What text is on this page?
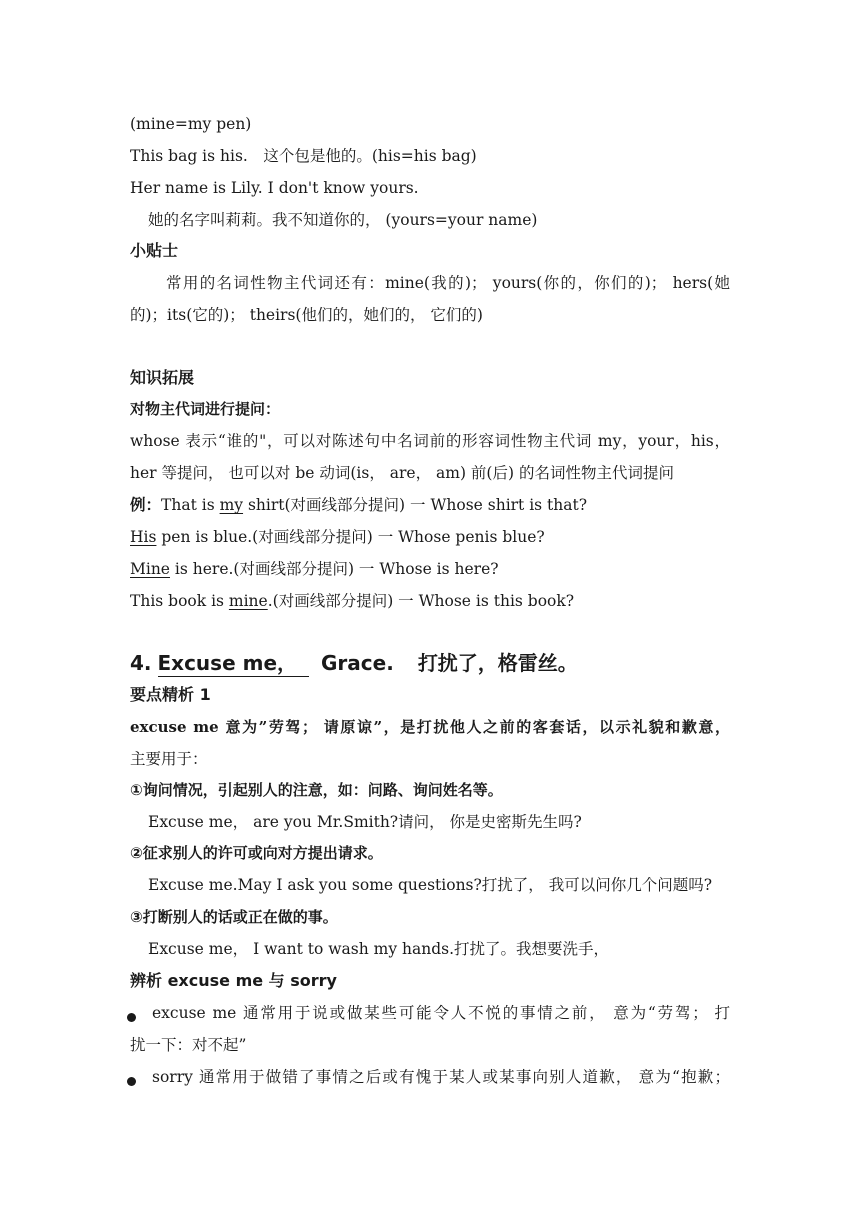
(mine=my pen)

This bag is his.　这个包是他的。(his=his bag)

Her name is Lily. I don't know yours.

她的名字叫莉莉。我不知道你的， (yours=your name)

小贴士

常用的名词性物主代词还有：mine(我的)； yours(你的，你们的)； hers(她

的)；its(它的)； theirs(他们的，她们的， 它们的)

知识拓展

对物主代词进行提问：

whose 表示“谁的"，可以对陈述句中名词前的形容词性物主代词 my，your，his，

her 等提问， 也可以对 be 动词(is， are， am) 前(后) 的名词性物主代词提问

例：That is my shirt(对画线部分提问) 一 Whose shirt is that?

His pen is blue.(对画线部分提问) 一 Whose penis blue?

Mine is here.(对画线部分提问) 一 Whose is here?

This book is mine.(对画线部分提问) 一 Whose is this book?

4. Excuse me， Grace. 打扰了，格雷丝。

要点精析 1

excuse me 意为”劳驾； 请原谅”，是打扰他人之前的客套话，以示礼貌和歉意，

主要用于：

①询问情况，引起别人的注意，如：问路、询问姓名等。

Excuse me， are you Mr.Smith?请问， 你是史密斯先生吗?

②征求别人的许可或向对方提出请求。

Excuse me.May I ask you some questions?打扰了， 我可以问你几个问题吗?

③打断别人的话或正在做的事。

Excuse me， I want to wash my hands.打扰了。我想要洗手，

辨析 excuse me 与 sorry

excuse me 通常用于说或做某些可能令人不悦的事情之前， 意为“劳驾； 打

扰一下：对不起”

sorry 通常用于做错了事情之后或有愧于某人或某事向别人道歉， 意为“抱歉；
